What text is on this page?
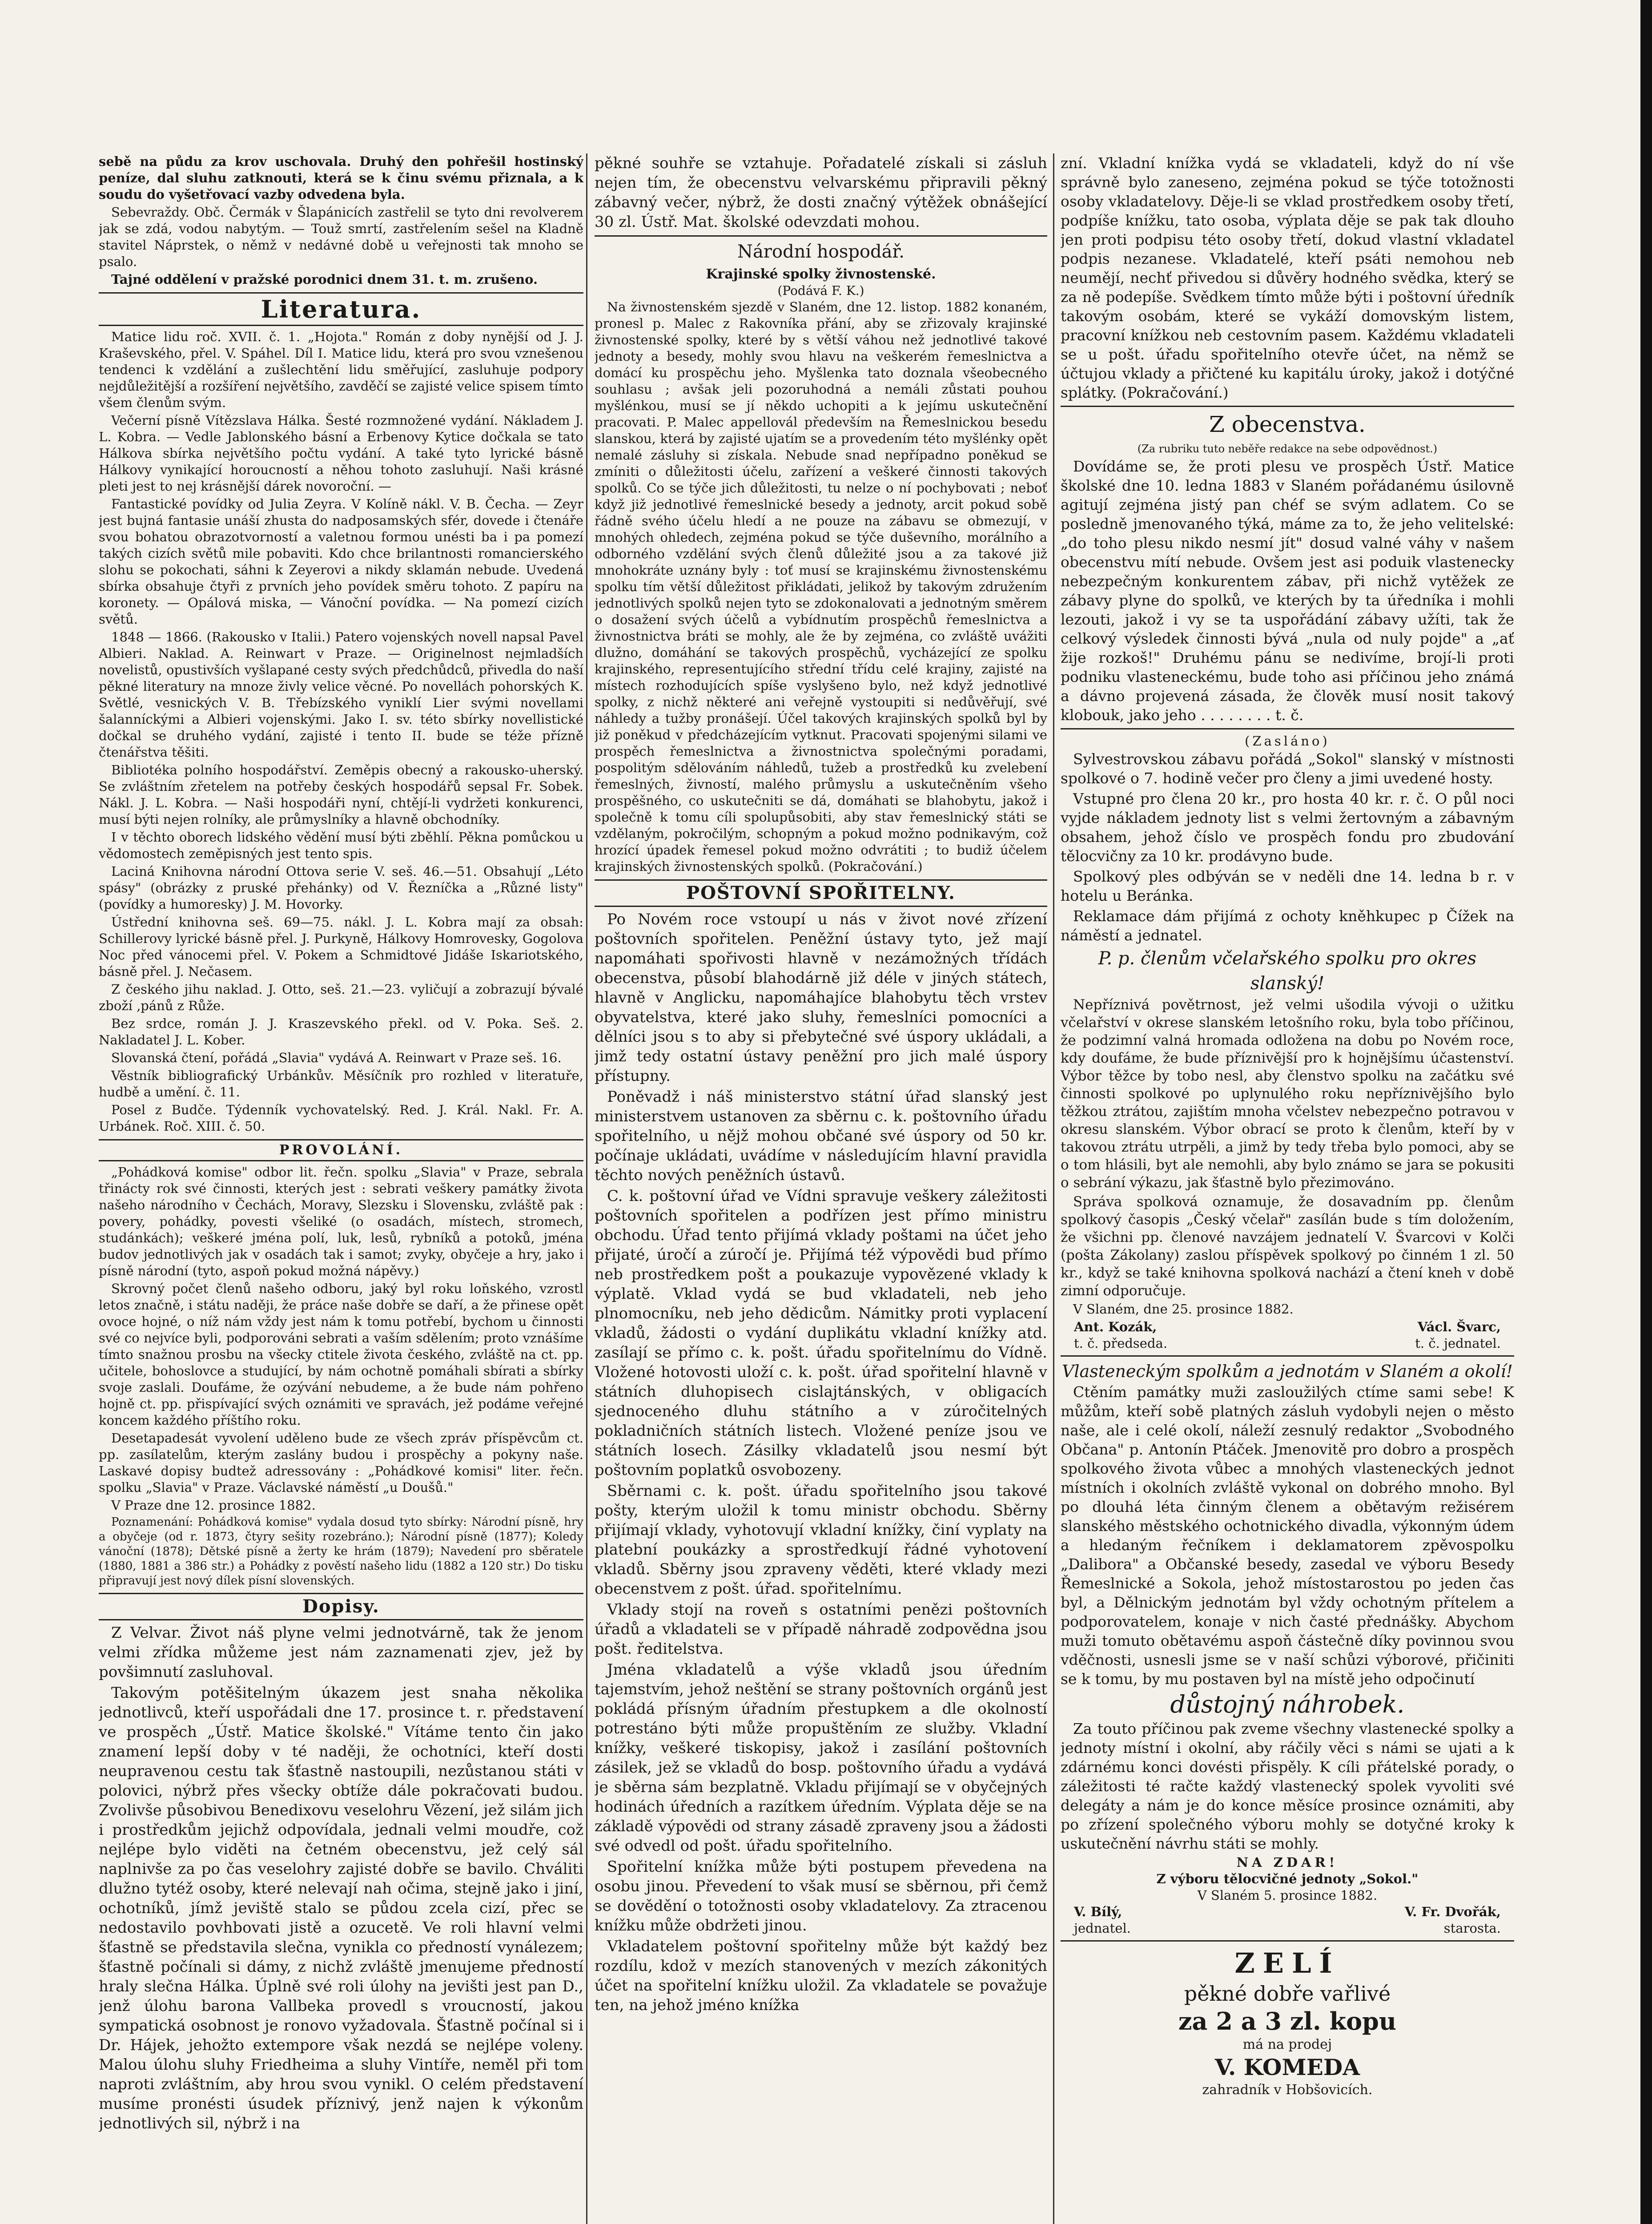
sebě na půdu za krov uschovala. Druhý den pohřešil hostinský peníze, dal sluhu zatknouti, která se k činu svému přiznala, a k soudu do vyšetřovací vazby odvedena byla.

Sebevraždy. Obč. Čermák v Šlapánicích zastřelil se tyto dni revolverem jak se zdá, vodou nabytým. — Touž smrtí, zastřelením sešel na Kladně stavitel Náprstek, o němž v nedávné době u veřejnosti tak mnoho se psalo.

Tajné oddělení v pražské porodnici dnem 31. t. m. zrušeno.

Literatura.

Matice lidu roč. XVII. č. 1. „Hojota." Román z doby nynější od J. J. Kraševského, přel. V. Spáhel. Díl I. Matice lidu, která pro svou vznešenou tendenci k vzdělání a zušlechtění lidu směřující, zasluhuje podpory nejdůležitější a rozšíření největšího, zavděčí se zajisté velice spisem tímto všem členům svým.

Večerní písně Vítězslava Hálka. Šesté rozmnožené vydání. Nákladem J. L. Kobra. — Vedle Jablonského básní a Erbenovy Kytice dočkala se tato Hálkova sbírka největšího počtu vydání. A také tyto lyrické básně Hálkovy vynikající horoucností a něhou tohoto zasluhují. Naši krásné pleti jest to nej krásnější dárek novoroční. —

Fantastické povídky od Julia Zeyra. V Kolíně nákl. V. B. Čecha. — Zeyr jest bujná fantasie unáší zhusta do nadposamských sfér, dovede i čtenáře svou bohatou obrazotvorností a valetnou formou unésti ba i pa pomezí takých cizích světů mile pobaviti. Kdo chce brilantnosti romancierského slohu se pokochati, sáhni k Zeyerovi a nikdy sklamán nebude. Uvedená sbírka obsahuje čtyři z prvních jeho povídek směru tohoto. Z papíru na koronety. — Opálová miska, — Vánoční povídka. — Na pomezí cizích světů.

1848 — 1866. (Rakousko v Italii.) Patero vojenských novell napsal Pavel Albieri. Naklad. A. Reinwart v Praze. — Originelnost nejmladších novelistů, opustivších vyšlapané cesty svých předchůdců, přivedla do naší pěkné literatury na mnoze živly velice věcné. Po novellách pohorských K. Světlé, vesnických V. B. Třebízského vyniklí Lier svými novellami šalanníckými a Albieri vojenskými. Jako I. sv. této sbírky novellistické dočkal se druhého vydání, zajisté i tento II. bude se téže přízně čtenářstva těšiti.

Bibliotéka polního hospodářství. Zeměpis obecný a rakousko-uherský. Se zvláštním zřetelem na potřeby českých hospodářů sepsal Fr. Sobek. Nákl. J. L. Kobra. — Naši hospodáři nyní, chtějí-li vydržeti konkurenci, musí býti nejen rolníky, ale průmyslníky a hlavně obchodníky.

I v těchto oborech lidského vědění musí býti zběhlí. Pěkna pomůckou u vědomostech zeměpisných jest tento spis.

Laciná Knihovna národní Ottova serie V. seš. 46.—51. Obsahují „Léto spásy" (obrázky z pruské přehánky) od V. Řezníčka a „Různé listy" (povídky a humoresky) J. M. Hovorky.

Ústřední knihovna seš. 69—75. nákl. J. L. Kobra mají za obsah: Schillerovy lyrické básně přel. J. Purkyně, Hálkovy Homrovesky, Gogolova Noc před vánocemi přel. V. Pokem a Schmidtové Jidáše Iskariotského, básně přel. J. Nečasem.

Z českého jihu naklad. J. Otto, seš. 21.—23. vyličují a zobrazují bývalé zboží ‚pánů z Růže.

Bez srdce, román J. J. Kraszevského překl. od V. Poka. Seš. 2. Nakladatel J. L. Kober.

Slovanská čtení, pořádá „Slavia" vydává A. Reinwart v Praze seš. 16.

Věstník bibliografický Urbánkův. Měsíčník pro rozhled v literatuře, hudbě a umění. č. 11.

Posel z Budče. Týdenník vychovatelský. Red. J. Král. Nakl. Fr. A. Urbánek. Roč. XIII. č. 50.

PROVOLÁNÍ.

„Pohádková komise" odbor lit. řečn. spolku „Slavia" v Praze, sebrala třinácty rok své činnosti, kterých jest : sebrati veškery památky života našeho národního v Čechách, Moravy, Slezsku i Slovensku, zvláště pak : povery, pohádky, povesti všeliké (o osadách, místech, stromech, studánkách); veškeré jména polí, luk, lesů, rybníků a potoků, jména budov jednotlivých jak v osadách tak i samot; zvyky, obyčeje a hry, jako i písně národní (tyto, aspoň pokud možná nápěvy.)

Skrovný počet členů našeho odboru, jaký byl roku loňského, vzrostl letos značně, i státu naději, že práce naše dobře se daří, a že přinese opět ovoce hojné, o níž nám vždy jest nám k tomu potřebí, bychom u činnosti své co nejvíce byli, podporováni sebrati a vaším sdělením; proto vznášíme tímto snažnou prosbu na všecky ctitele života českého, zvláště na ct. pp. učitele, bohoslovce a studující, by nám ochotně pomáhali sbírati a sbírky svoje zaslali. Doufáme, že ozývání nebudeme, a že bude nám pohřeno hojně ct. pp. přispívající svých oznámiti ve spravách, jež podáme veřejné koncem každého příštího roku.

Desetapadesát vyvolení uděleno bude ze všech zpráv příspěvcům ct. pp. zasílatelům, kterým zaslány budou i prospěchy a pokyny naše. Laskavé dopisy budtež adressovány : „Pohádkové komisi" liter. řečn. spolku „Slavia" v Praze. Václavské náměstí „u Doušů."

V Praze dne 12. prosince 1882.

Poznamenání: Pohádková komise" vydala dosud tyto sbírky: Národní písně, hry a obyčeje (od r. 1873, čtyry sešity rozebráno.); Národní písně (1877); Koledy vánoční (1878); Dětské písně a žerty ke hrám (1879); Navedení pro sběratele (1880, 1881 a 386 str.) a Pohádky z pověstí našeho lidu (1882 a 120 str.) Do tisku připravují jest nový dílek písní slovenských.

Dopisy.

Z Velvar. Život náš plyne velmi jednotvárně, tak že jenom velmi zřídka můžeme jest nám zaznamenati zjev, jež by povšimnutí zasluhoval.

Takovým potěšitelným úkazem jest snaha několika jednotlivců, kteří uspořádali dne 17. prosince t. r. představení ve prospěch „Ústř. Matice školské." Vítáme tento čin jako znamení lepší doby v té naději, že ochotníci, kteří dosti neupravenou cestu tak šťastně nastoupili, nezůstanou státi v polovici, nýbrž přes všecky obtíže dále pokračovati budou. Zvolivše působivou Benedixovu veselohru Vězení, jež silám jich i prostředkům jejichž odpovídala, jednali velmi moudře, což nejlépe bylo viděti na četném obecenstvu, jež celý sál naplnivše za po čas veselohry zajisté dobře se bavilo. Chváliti dlužno tytéž osoby, které nelevají nah očima, stejně jako i jiní, ochotníků, jímž jeviště stalo se půdou zcela cizí, přec se nedostavilo povhbovati jistě a ozucetě. Ve roli hlavní velmi šťastně se představila slečna, vynikla co předností vynálezem; šťastně počínali si dámy, z nichž zvláště jmenujeme předností hraly slečna Hálka. Úplně své roli úlohy na jevišti jest pan D., jenž úlohu barona Vallbeka provedl s vroucností, jakou sympatická osobnost je ronovo vyžadovala. Šťastně počínal si i Dr. Hájek, jehožto extempore však nezdá se nejlépe voleny. Malou úlohu sluhy Friedheima a sluhy Vintíře, neměl při tom naproti zvláštním, aby hrou svou vynikl. O celém představení musíme pronésti úsudek příznivý, jenž najen k výkonům jednotlivých sil, nýbrž i na

pěkné souhře se vztahuje. Pořadatelé získali si zásluh nejen tím, že obecenstvu velvarskému připravili pěkný zábavný večer, nýbrž, že dosti značný výtěžek obnášející 30 zl. Ústř. Mat. školské odevzdati mohou.

Národní hospodář.
Krajinské spolky živnostenské.
(Podává F. K.)

Na živnostenském sjezdě v Slaném, dne 12. listop. 1882 konaném, pronesl p. Malec z Rakovníka přání, aby se zřizovaly krajinské živnostenské spolky, které by s větší váhou než jednotlivé takové jednoty a besedy, mohly svou hlavu na veškerém řemeslnictva a domácí ku prospěchu jeho. Myšlenka tato doznala všeobecného souhlasu ; avšak jeli pozoruhodná a nemáli zůstati pouhou myšlénkou, musí se jí někdo uchopiti a k jejímu uskutečnění pracovati. P. Malec appellovál především na Řemeslnickou besedu slanskou, která by zajisté ujatím se a provedením této myšlénky opět nemalé zásluhy si získala. Nebude snad nepřípadno poněkud se zmíniti o důležitosti účelu, zařízení a veškeré činnosti takových spolků. Co se týče jich důležitosti, tu nelze o ní pochybovati ; neboť když již jednotlivé řemeslnické besedy a jednoty, arcit pokud sobě řádně svého účelu hledí a ne pouze na zábavu se obmezují, v mnohých ohledech, zejména pokud se týče duševního, morálního a odborného vzdělání svých členů důležité jsou a za takové již mnohokráte uznány byly : toť musí se krajinskému živnostenskému spolku tím větší důležitost přikládati, jelikož by takovým združením jednotlivých spolků nejen tyto se zdokonalovati a jednotným směrem o dosažení svých účelů a vybídnutím prospěchů řemeslnictva a živnostnictva bráti se mohly, ale že by zejména, co zvláště uvážiti dlužno, domáhání se takových prospěchů, vycházející ze spolku krajinského, representujícího střední třídu celé krajiny, zajisté na místech rozhodujících spíše vyslyšeno bylo, než když jednotlivé spolky, z nichž některé ani veřejně vystoupiti si nedůvěřují, své náhledy a tužby pronášejí. Účel takových krajinských spolků byl by již poněkud v předcházejícím vytknut. Pracovati spojenými silami ve prospěch řemeslnictva a živnostnictva společnými poradami, pospolitým sdělováním náhledů, tužeb a prostředků ku zvelebení řemeslných, živností, malého průmyslu a uskutečněním všeho prospěšného, co uskutečniti se dá, domáhati se blahobytu, jakož i společně k tomu cíli spolupůsobiti, aby stav řemeslnický státi se vzdělaným, pokročilým, schopným a pokud možno podnikavým, což hrozící úpadek řemesel pokud možno odvrátiti ; to budiž účelem krajinských živnostenských spolků. (Pokračování.)

POŠTOVNÍ SPOŘITELNY.

Po Novém roce vstoupí u nás v život nové zřízení poštovních spořitelen. Peněžní ústavy tyto, jež mají napomáhati spořivosti hlavně v nezámožných třídách obecenstva, působí blahodárně již déle v jiných státech, hlavně v Anglicku, napomáhajíce blahobytu těch vrstev obyvatelstva, které jako sluhy, řemeslníci pomocníci a dělníci jsou s to aby si přebytečné své úspory ukládali, a jimž tedy ostatní ústavy peněžní pro jich malé úspory přístupny.

Poněvadž i náš ministerstvo státní úřad slanský jest ministerstvem ustanoven za sběrnu c. k. poštovního úřadu spořitelního, u nějž mohou občané své úspory od 50 kr. počínaje ukládati, uvádíme v následujícím hlavní pravidla těchto nových peněžních ústavů.

C. k. poštovní úřad ve Vídni spravuje veškery záležitosti poštovních spořitelen a podřízen jest přímo ministru obchodu. Úřad tento přijímá vklady poštami na účet jeho přijaté, úročí a zúročí je. Přijímá též výpovědi bud přímo neb prostředkem pošt a poukazuje vypovězené vklady k výplatě. Vklad vydá se bud vkladateli, neb jeho plnomocníku, neb jeho dědicům. Námitky proti vyplacení vkladů, žádosti o vydání duplikátu vkladní knížky atd. zasílají se přímo c. k. pošt. úřadu spořitelnímu do Vídně. Vložené hotovosti uloží c. k. pošt. úřad spořitelní hlavně v státních dluhopisech cislajtánských, v obligacích sjednoceného dluhu státního a v zúročitelných pokladničních státních listech. Vložené peníze jsou ve státních losech. Zásilky vkladatelů jsou nesmí být poštovním poplatků osvobozeny.

Sběrnami c. k. pošt. úřadu spořitelního jsou takové pošty, kterým uložil k tomu ministr obchodu. Sběrny přijímají vklady, vyhotovují vkladní knížky, činí vyplaty na platební poukázky a sprostředkují řádné vyhotovení vkladů. Sběrny jsou zpraveny věděti, které vklady mezi obecenstvem z pošt. úřad. spořitelnímu.

Vklady stojí na roveň s ostatními penězi poštovních úřadů a vkladateli se v případě náhradě zodpovědna jsou pošt. ředitelstva.

Jména vkladatelů a výše vkladů jsou úředním tajemstvím, jehož neštění se strany poštovních orgánů jest pokládá přísným úřadním přestupkem a dle okolností potrestáno býti může propuštěním ze služby. Vkladní knížky, veškeré tiskopisy, jakož i zasílání poštovních zásilek, jež se vkladů do bosp. poštovního úřadu a vydává je sběrna sám bezplatně. Vkladu přijímají se v obyčejných hodinách úředních a razítkem úředním. Výplata děje se na základě výpovědi od strany zásadě zpraveny jsou a žádosti své odvedl od pošt. úřadu spořitelního.

Spořitelní knížka může býti postupem převedena na osobu jinou. Převedení to však musí se sběrnou, při čemž se dovědění o totožnosti osoby vkladatelovy. Za ztracenou knížku může obdržeti jinou.

Vkladatelem poštovní spořitelny může být každý bez rozdílu, kdož v mezích stanovených v mezích zákonitých účet na spořitelní knížku uložil. Za vkladatele se považuje ten, na jehož jméno knížka

zní. Vkladní knížka vydá se vkladateli, když do ní vše správně bylo zaneseno, zejména pokud se týče totožnosti osoby vkladatelovy. Děje-li se vklad prostředkem osoby třetí, podpíše knížku, tato osoba, výplata děje se pak tak dlouho jen proti podpisu této osoby třetí, dokud vlastní vkladatel podpis nezanese. Vkladatelé, kteří psáti nemohou neb neumějí, nechť přivedou si důvěry hodného svědka, který se za ně podepíše. Svědkem tímto může býti i poštovní úředník takovým osobám, které se vykáží domovským listem, pracovní knížkou neb cestovním pasem. Každému vkladateli se u pošt. úřadu spořitelního otevře účet, na němž se účtujou vklady a přičtené ku kapitálu úroky, jakož i dotýčné splátky. (Pokračování.)

Z obecenstva.
(Za rubriku tuto neběře redakce na sebe odpovědnost.)

Dovídáme se, že proti plesu ve prospěch Ústř. Matice školské dne 10. ledna 1883 v Slaném pořádanému úsilovně agitují zejména jistý pan chéf se svým adlatem. Co se posledně jmenovaného týká, máme za to, že jeho velitelské: „do toho plesu nikdo nesmí jít" dosud valné váhy v našem obecenstvu mítí nebude. Ovšem jest asi poduik vlastenecky nebezpečným konkurentem zábav, při nichž vytěžek ze zábavy plyne do spolků, ve kterých by ta úředníka i mohli lezouti, jakož i vy se ta uspořádání zábavy užíti, tak že celkový výsledek činnosti bývá „nula od nuly pojde" a „ať žije rozkoš!" Druhému pánu se nedivíme, brojí-li proti podniku vlasteneckému, bude toho asi příčinou jeho známá a dávno projevená zásada, že člověk musí nosit takový klobouk, jako jeho . . . . . . . . t. č.

(Zasláno)

Sylvestrovskou zábavu pořádá „Sokol" slanský v místnosti spolkové o 7. hodině večer pro členy a jimi uvedené hosty.

Vstupné pro člena 20 kr., pro hosta 40 kr. r. č. O půl noci vyjde nákladem jednoty list s velmi žertovným a zábavným obsahem, jehož číslo ve prospěch fondu pro zbudování tělocvičny za 10 kr. prodávyno bude.

Spolkový ples odbýván se v neděli dne 14. ledna b r. v hotelu u Beránka.

Reklamace dám přijímá z ochoty kněhkupec p Čížek na náměstí a jednatel.

P. p. členům včelařského spolku pro okres slanský!

Nepříznivá povětrnost, jež velmi ušodila vývoji o užitku včelařství v okrese slanském letošního roku, byla tobo příčinou, že podzimní valná hromada odložena na dobu po Novém roce, kdy doufáme, že bude příznivější pro k hojnějšímu účastenství. Výbor těžce by tobo nesl, aby členstvo spolku na začátku své činnosti spolkové po uplynulého roku nepříznivějšího bylo těžkou ztrátou, zajištím mnoha včelstev nebezpečno potravou v okresu slanském. Výbor obrací se proto k členům, kteří by v takovou ztrátu utrpěli, a jimž by tedy třeba bylo pomoci, aby se o tom hlásili, byt ale nemohli, aby bylo známo se jara se pokusiti o sebrání výkazu, jak šťastně bylo přezimováno.

Správa spolková oznamuje, že dosavadním pp. členům spolkový časopis „Český včelař" zasílán bude s tím doložením, že všichni pp. členové navzájem jednatelí V. Švarcovi v Kolči (pošta Zákolany) zaslou příspěvek spolkový po činném 1 zl. 50 kr., když se také knihovna spolková nachází a čtení kneh v době zimní odporučuje.

V Slaném, dne 25. prosince 1882.

Ant. Kozák,	Václ. Švarc,
t. č. předseda.	t. č. jednatel.
Vlasteneckým spolkům a jednotám v Slaném a okolí!

Ctěním památky muži zasloužilých ctíme sami sebe! K můžům, kteří sobě platných zásluh vydobyli nejen o město naše, ale i celé okolí, náleží zesnulý redaktor „Svobodného Občana" p. Antonín Ptáček. Jmenovitě pro dobro a prospěch spolkového života vůbec a mnohých vlasteneckých jednot místních i okolních zvláště vykonal on dobrého mnoho. Byl po dlouhá léta činným členem a obětavým režisérem slanského městského ochotnického divadla, výkonným údem a hledaným řečníkem i deklamatorem zpěvospolku „Dalibora" a Občanské besedy, zasedal ve výboru Besedy Řemeslnické a Sokola, jehož místostarostou po jeden čas byl, a Dělnickým jednotám byl vždy ochotným přítelem a podporovatelem, konaje v nich časté přednášky. Abychom muži tomuto obětavému aspoň částečně díky povinnou svou vděčnosti, usnesli jsme se v naší schůzi výborové, přičiniti se k tomu, by mu postaven byl na místě jeho odpočinutí

důstojný náhrobek.

Za touto příčinou pak zveme všechny vlastenecké spolky a jednoty místní i okolní, aby ráčily věci s námi se ujati a k zdárnému konci dovésti přispěly. K cíli přátelské porady, o záležitosti té račte každý vlastenecký spolek vyvoliti své delegáty a nám je do konce měsíce prosince oznámiti, aby po zřízení společného výboru mohly se dotyčné kroky k uskutečnění návrhu státi se mohly.

NA ZDAR!
Z výboru tělocvičné jednoty „Sokol."
V Slaném 5. prosince 1882.
V. Bílý,	V. Fr. Dvořák,
jednatel.	starosta.
ZELÍ
pěkné dobře vařlivé
za 2 a 3 zl. kopu
má na prodej
V. KOMEDA
zahradník v Hobšovicích.
